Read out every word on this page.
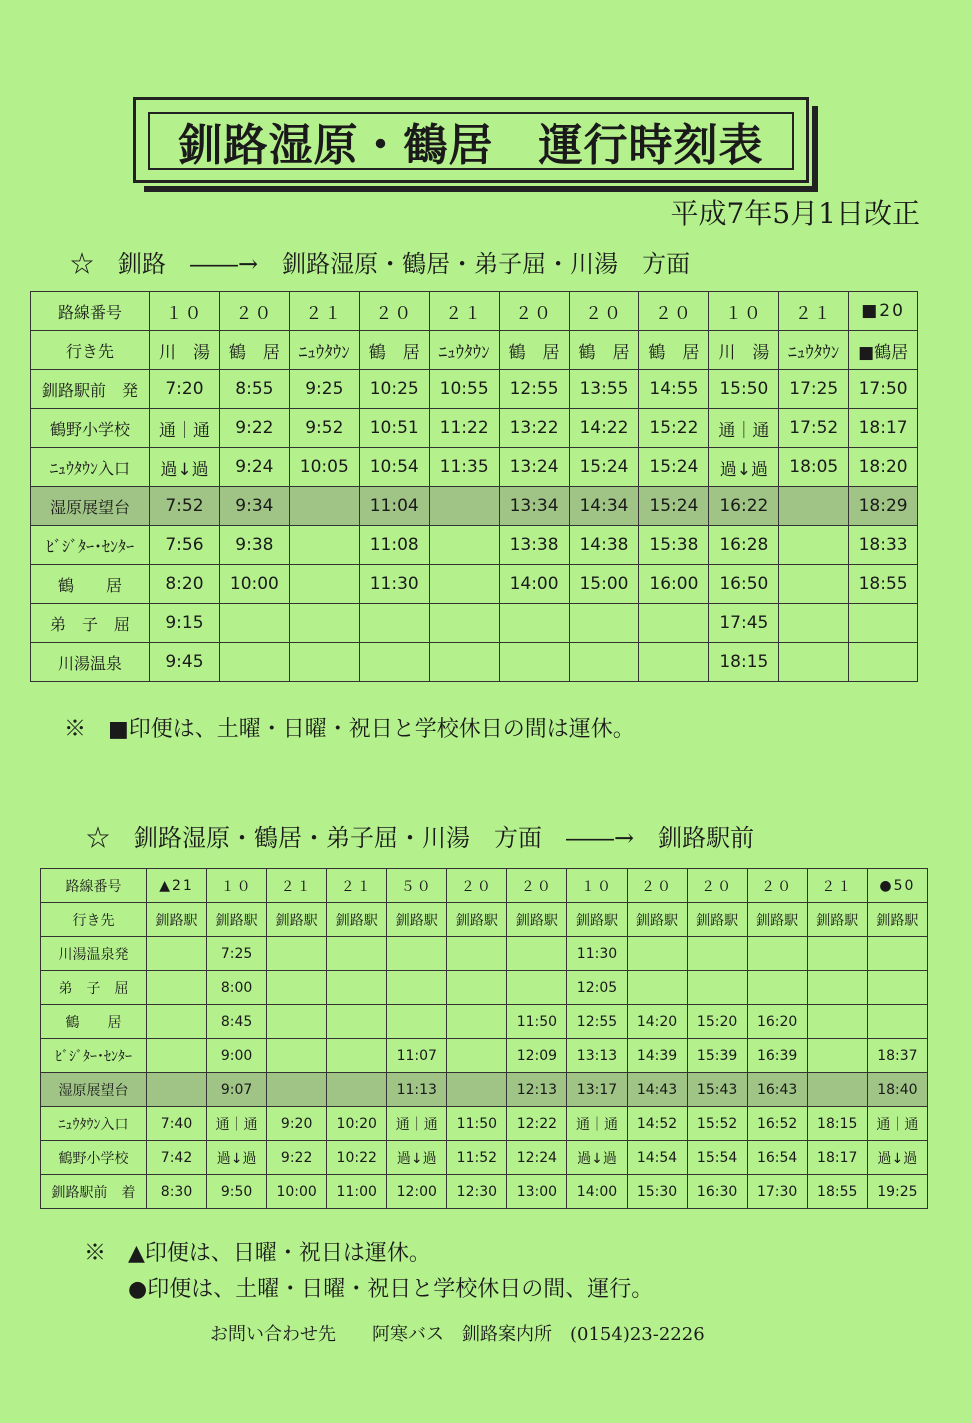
釧路湿原・鶴居　運行時刻表
平成7年5月1日改正
☆　釧路　――→　釧路湿原・鶴居・弟子屈・川湯　方面
路線番号	１０	２０	２１	２０	２１	２０	２０	２０	１０	２１	■20
行き先	川　湯	鶴　居	ﾆｭｳﾀｳﾝ	鶴　居	ﾆｭｳﾀｳﾝ	鶴　居	鶴　居	鶴　居	川　湯	ﾆｭｳﾀｳﾝ	■鶴居
釧路駅前　発	7:20	8:55	9:25	10:25	10:55	12:55	13:55	14:55	15:50	17:25	17:50
鶴野小学校	通｜通	9:22	9:52	10:51	11:22	13:22	14:22	15:22	通｜通	17:52	18:17
ﾆｭｳﾀｳﾝ入口	過↓過	9:24	10:05	10:54	11:35	13:24	15:24	15:24	過↓過	18:05	18:20
湿原展望台	7:52	9:34		11:04		13:34	14:34	15:24	16:22		18:29
ﾋﾞｼﾞﾀｰ･ｾﾝﾀｰ	7:56	9:38		11:08		13:38	14:38	15:38	16:28		18:33
鶴　　居	8:20	10:00		11:30		14:00	15:00	16:00	16:50		18:55
弟　子　屈	9:15								17:45		
川湯温泉	9:45								18:15		
※　■印便は、土曜・日曜・祝日と学校休日の間は運休。
☆　釧路湿原・鶴居・弟子屈・川湯　方面　――→　釧路駅前
路線番号	▲21	１０	２１	２１	５０	２０	２０	１０	２０	２０	２０	２１	●50
行き先	釧路駅	釧路駅	釧路駅	釧路駅	釧路駅	釧路駅	釧路駅	釧路駅	釧路駅	釧路駅	釧路駅	釧路駅	釧路駅
川湯温泉発		7:25						11:30					
弟　子　屈		8:00						12:05					
鶴　　居		8:45					11:50	12:55	14:20	15:20	16:20		
ﾋﾞｼﾞﾀｰ･ｾﾝﾀｰ		9:00			11:07		12:09	13:13	14:39	15:39	16:39		18:37
湿原展望台		9:07			11:13		12:13	13:17	14:43	15:43	16:43		18:40
ﾆｭｳﾀｳﾝ入口	7:40	通｜通	9:20	10:20	通｜通	11:50	12:22	通｜通	14:52	15:52	16:52	18:15	通｜通
鶴野小学校	7:42	過↓過	9:22	10:22	過↓過	11:52	12:24	過↓過	14:54	15:54	16:54	18:17	過↓過
釧路駅前　着	8:30	9:50	10:00	11:00	12:00	12:30	13:00	14:00	15:30	16:30	17:30	18:55	19:25
※　▲印便は、日曜・祝日は運休。
●印便は、土曜・日曜・祝日と学校休日の間、運行。
お問い合わせ先　　阿寒バス　釧路案内所　(0154)23-2226
